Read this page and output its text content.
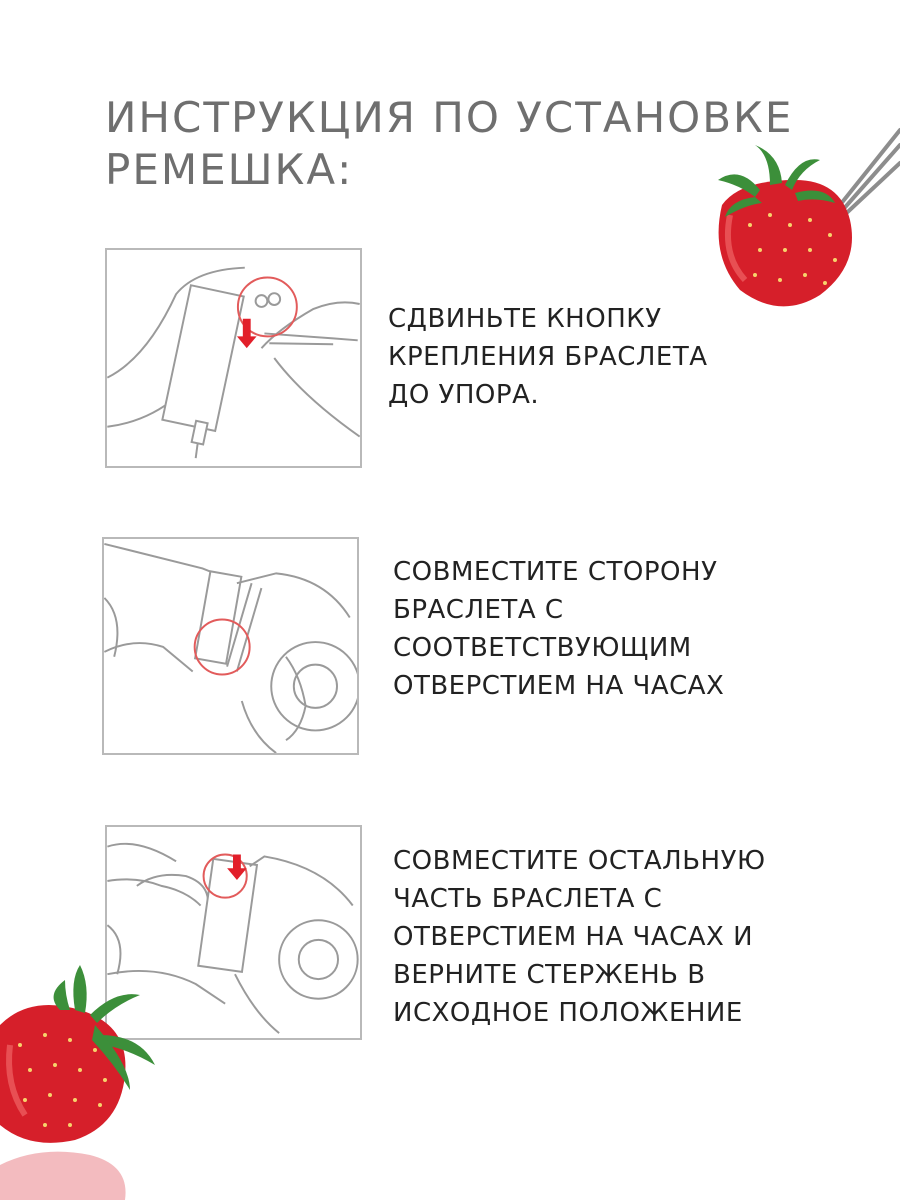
ИНСТРУКЦИЯ ПО УСТАНОВКЕ
РЕМЕШКА:

СДВИНЬТЕ КНОПКУ
КРЕПЛЕНИЯ БРАСЛЕТА
ДО УПОРА.

СОВМЕСТИТЕ СТОРОНУ
БРАСЛЕТА С
СООТВЕТСТВУЮЩИМ
ОТВЕРСТИЕМ НА ЧАСАХ

СОВМЕСТИТЕ ОСТАЛЬНУЮ
ЧАСТЬ БРАСЛЕТА С
ОТВЕРСТИЕМ НА ЧАСАХ И
ВЕРНИТЕ СТЕРЖЕНЬ В
ИСХОДНОЕ ПОЛОЖЕНИЕ
